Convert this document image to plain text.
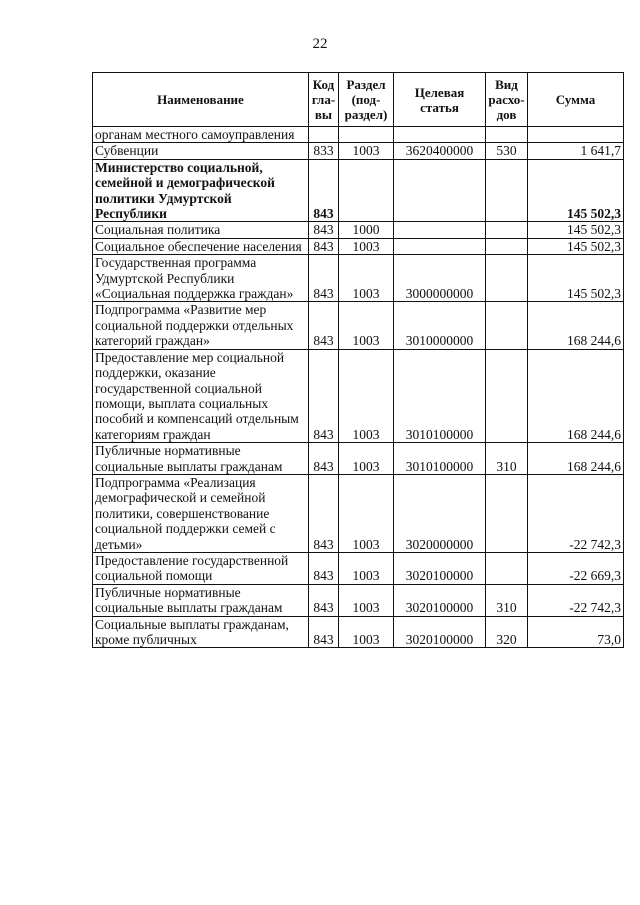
22
Наименование	Код гла- вы	Раздел (под- раздел)	Целевая статья	Вид расхо- дов	Сумма
органам местного самоуправления					
Субвенции	833	1003	3620400000	530	1 641,7
Министерство социальной, семейной и демографической политики Удмуртской Республики	843				145 502,3
Социальная политика	843	1000			145 502,3
Социальное обеспечение населения	843	1003			145 502,3
Государственная программа Удмуртской Республики «Социальная поддержка граждан»	843	1003	3000000000		145 502,3
Подпрограмма «Развитие мер социальной поддержки отдельных категорий граждан»	843	1003	3010000000		168 244,6
Предоставление мер социальной поддержки, оказание государственной социальной помощи, выплата социальных пособий и компенсаций отдельным категориям граждан	843	1003	3010100000		168 244,6
Публичные нормативные социальные выплаты гражданам	843	1003	3010100000	310	168 244,6
Подпрограмма «Реализация демографической и семейной политики, совершенствование социальной поддержки семей с детьми»	843	1003	3020000000		-22 742,3
Предоставление государственной социальной помощи	843	1003	3020100000		-22 669,3
Публичные нормативные социальные выплаты гражданам	843	1003	3020100000	310	-22 742,3
Социальные выплаты гражданам, кроме публичных	843	1003	3020100000	320	73,0
